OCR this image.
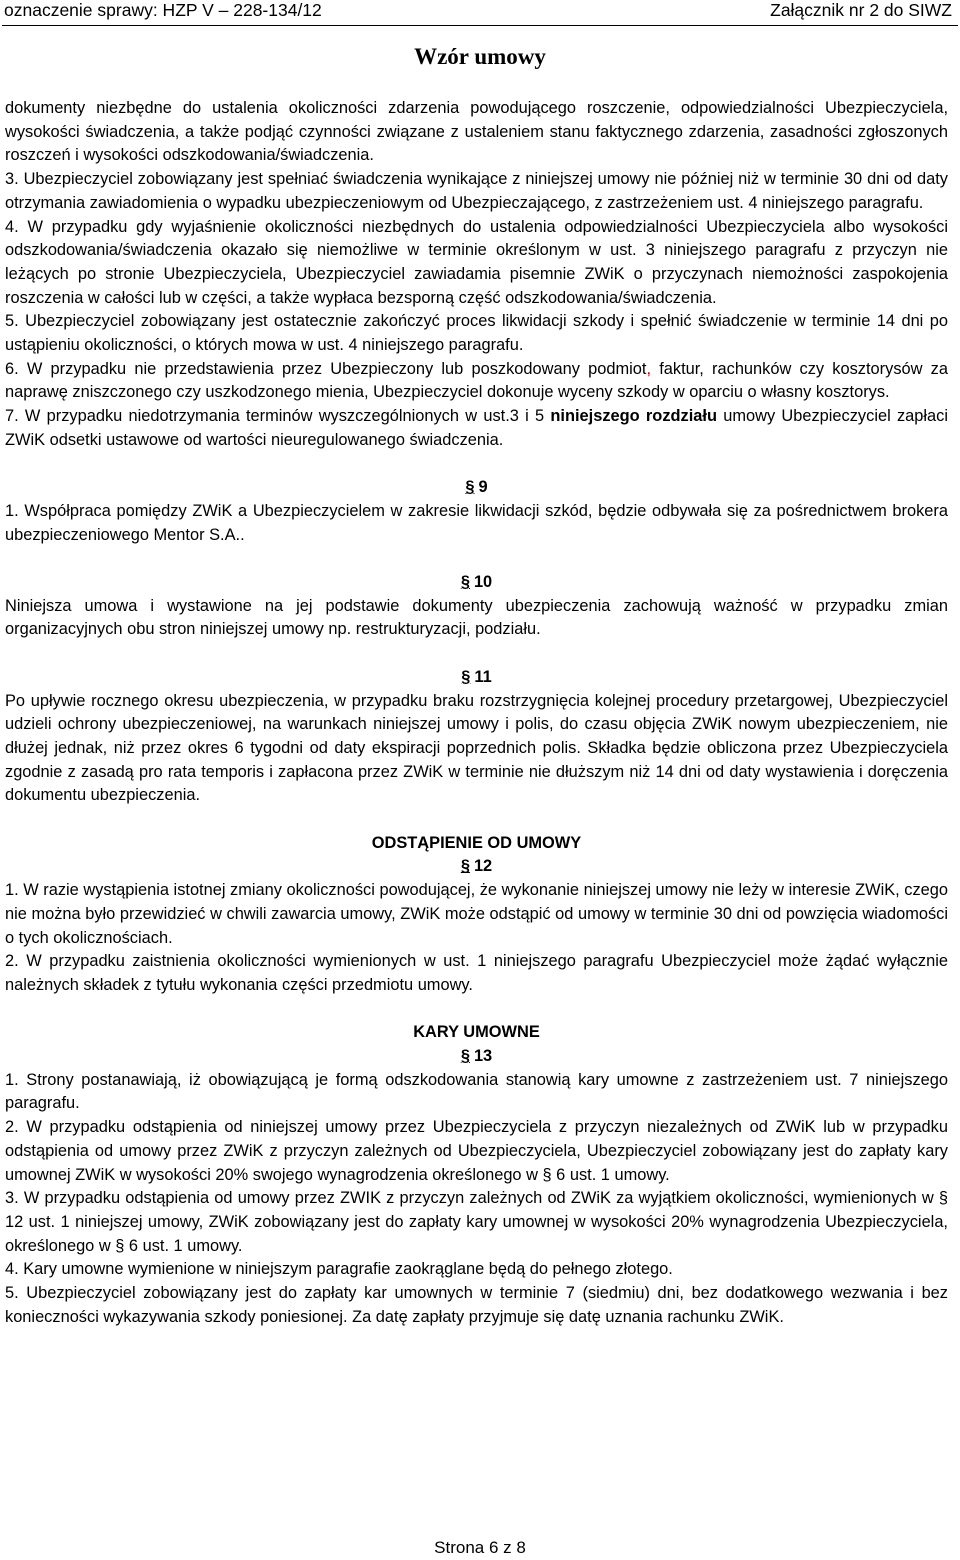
oznaczenie sprawy: HZP V – 228-134/12	Załącznik nr 2 do SIWZ
Wzór umowy

dokumenty niezbędne do ustalenia okoliczności zdarzenia powodującego roszczenie, odpowiedzialności Ubezpieczyciela, wysokości świadczenia, a także podjąć czynności związane z ustaleniem stanu faktycznego zdarzenia, zasadności zgłoszonych roszczeń i wysokości odszkodowania/świadczenia.

3. Ubezpieczyciel zobowiązany jest spełniać świadczenia wynikające z niniejszej umowy nie później niż w terminie 30 dni od daty otrzymania zawiadomienia o wypadku ubezpieczeniowym od Ubezpieczającego, z zastrzeżeniem ust. 4 niniejszego paragrafu.

4. W przypadku gdy wyjaśnienie okoliczności niezbędnych do ustalenia odpowiedzialności Ubezpieczyciela albo wysokości odszkodowania/świadczenia okazało się niemożliwe w terminie określonym w ust. 3 niniejszego paragrafu z przyczyn nie leżących po stronie Ubezpieczyciela, Ubezpieczyciel zawiadamia pisemnie ZWiK o przyczynach niemożności zaspokojenia roszczenia w całości lub w części, a także wypłaca bezsporną część odszkodowania/świadczenia.

5. Ubezpieczyciel zobowiązany jest ostatecznie zakończyć proces likwidacji szkody i spełnić świadczenie w terminie 14 dni po ustąpieniu okoliczności, o których mowa w ust. 4 niniejszego paragrafu.

6. W przypadku nie przedstawienia przez Ubezpieczony lub poszkodowany podmiot, faktur, rachunków czy kosztorysów za naprawę zniszczonego czy uszkodzonego mienia, Ubezpieczyciel dokonuje wyceny szkody w oparciu o własny kosztorys.

7. W przypadku niedotrzymania terminów wyszczególnionych w ust.3 i 5 niniejszego rozdziału umowy Ubezpieczyciel zapłaci ZWiK odsetki ustawowe od wartości nieuregulowanego świadczenia.

§ 9

1. Współpraca pomiędzy ZWiK a Ubezpieczycielem w zakresie likwidacji szkód, będzie odbywała się za pośrednictwem brokera ubezpieczeniowego Mentor S.A..

§ 10

Niniejsza umowa i wystawione na jej podstawie dokumenty ubezpieczenia zachowują ważność w przypadku zmian organizacyjnych obu stron niniejszej umowy np. restrukturyzacji, podziału.

§ 11

Po upływie rocznego okresu ubezpieczenia, w przypadku braku rozstrzygnięcia kolejnej procedury przetargowej, Ubezpieczyciel udzieli ochrony ubezpieczeniowej, na warunkach niniejszej umowy i polis, do czasu objęcia ZWiK nowym ubezpieczeniem, nie dłużej jednak, niż przez okres 6 tygodni od daty ekspiracji poprzednich polis. Składka będzie obliczona przez Ubezpieczyciela zgodnie z zasadą pro rata temporis i zapłacona przez ZWiK w terminie nie dłuższym niż 14 dni od daty wystawienia i doręczenia dokumentu ubezpieczenia.

ODSTĄPIENIE OD UMOWY

§ 12

1. W razie wystąpienia istotnej zmiany okoliczności powodującej, że wykonanie niniejszej umowy nie leży w interesie ZWiK, czego nie można było przewidzieć w chwili zawarcia umowy, ZWiK może odstąpić od umowy w terminie 30 dni od powzięcia wiadomości o tych okolicznościach.

2. W przypadku zaistnienia okoliczności wymienionych w ust. 1 niniejszego paragrafu Ubezpieczyciel może żądać wyłącznie należnych składek z tytułu wykonania części przedmiotu umowy.

KARY UMOWNE

§ 13

1. Strony postanawiają, iż obowiązującą je formą odszkodowania stanowią kary umowne z zastrzeżeniem ust. 7 niniejszego paragrafu.

2. W przypadku odstąpienia od niniejszej umowy przez Ubezpieczyciela z przyczyn niezależnych od ZWiK lub w przypadku odstąpienia od umowy przez ZWiK z przyczyn zależnych od Ubezpieczyciela, Ubezpieczyciel zobowiązany jest do zapłaty kary umownej ZWiK w wysokości 20% swojego wynagrodzenia określonego w § 6 ust. 1 umowy.

3. W przypadku odstąpienia od umowy przez ZWIK z przyczyn zależnych od ZWiK za wyjątkiem okoliczności, wymienionych w § 12 ust. 1 niniejszej umowy, ZWiK zobowiązany jest do zapłaty kary umownej w wysokości 20% wynagrodzenia Ubezpieczyciela, określonego w § 6 ust. 1 umowy.

4. Kary umowne wymienione w niniejszym paragrafie zaokrąglane będą do pełnego złotego.

5. Ubezpieczyciel zobowiązany jest do zapłaty kar umownych w terminie 7 (siedmiu) dni, bez dodatkowego wezwania i bez konieczności wykazywania szkody poniesionej. Za datę zapłaty przyjmuje się datę uznania rachunku ZWiK.

Strona 6 z 8
